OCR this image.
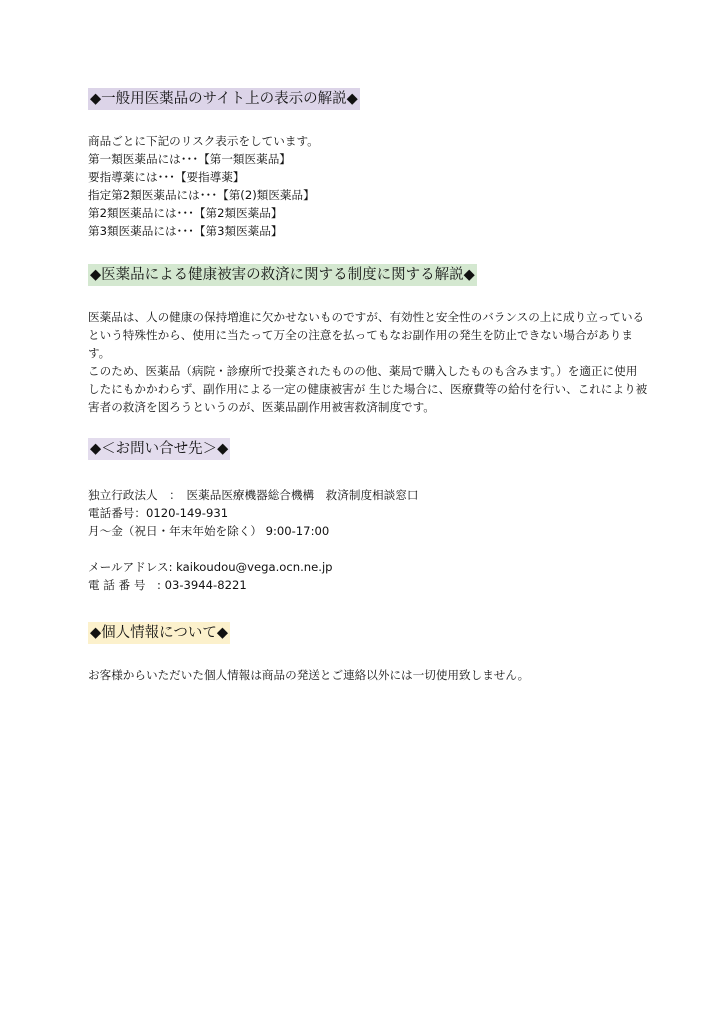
◆一般用医薬品のサイト上の表示の解説◆
商品ごとに下記のリスク表示をしています。
第一類医薬品には･･･【第一類医薬品】
要指導薬には･･･【要指導薬】
指定第2類医薬品には･･･【第(2)類医薬品】
第2類医薬品には･･･【第2類医薬品】
第3類医薬品には･･･【第3類医薬品】
◆医薬品による健康被害の救済に関する制度に関する解説◆

医薬品は、人の健康の保持増進に欠かせないものですが、有効性と安全性のバランスの上に成り立っているという特殊性から、使用に当たって万全の注意を払ってもなお副作用の発生を防止できない場合があります。

このため、医薬品（病院・診療所で投薬されたものの他、薬局で購入したものも含みます。）を適正に使用したにもかかわらず、副作用による一定の健康被害が 生じた場合に、医療費等の給付を行い、これにより被害者の救済を図ろうというのが、医薬品副作用被害救済制度です。

◆＜お問い合せ先＞◆
独立行政法人　：　医薬品医療機器総合機構　救済制度相談窓口
電話番号：0120-149-931
月～金（祝日・年末年始を除く） 9:00-17:00
メールアドレス: kaikoudou@vega.ocn.ne.jp
電 話 番 号　: 03-3944-8221
◆個人情報について◆

お客様からいただいた個人情報は商品の発送とご連絡以外には一切使用致しません。
